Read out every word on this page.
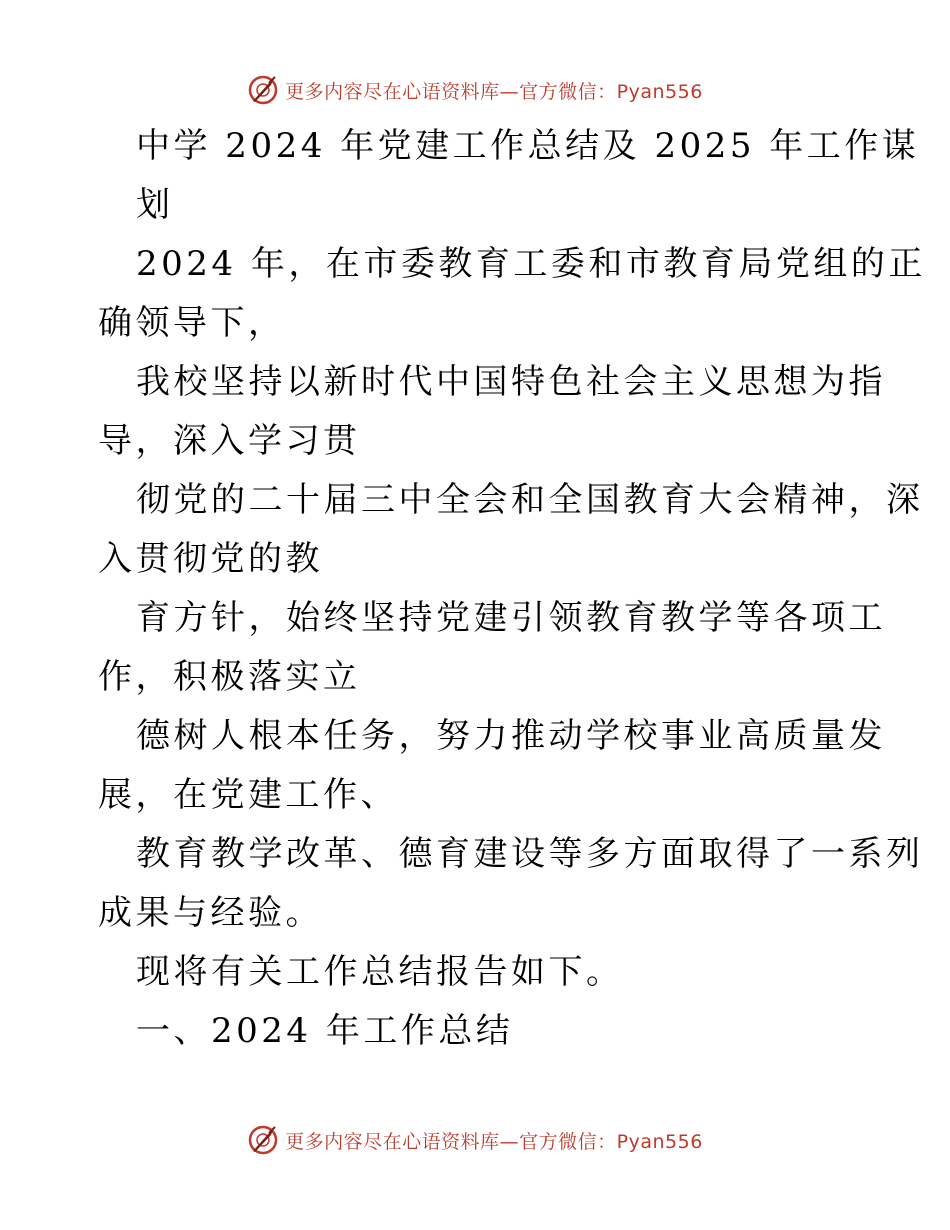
更多内容尽在心语资料库—官方微信：Pyan556
中学 2024 年党建工作总结及 2025 年工作谋
划
2024 年，在市委教育工委和市教育局党组的正
确领导下，
我校坚持以新时代中国特色社会主义思想为指
导，深入学习贯
彻党的二十届三中全会和全国教育大会精神，深
入贯彻党的教
育方针，始终坚持党建引领教育教学等各项工
作，积极落实立
德树人根本任务，努力推动学校事业高质量发
展，在党建工作、
教育教学改革、德育建设等多方面取得了一系列
成果与经验。
现将有关工作总结报告如下。
一、2024 年工作总结
更多内容尽在心语资料库—官方微信：Pyan556
